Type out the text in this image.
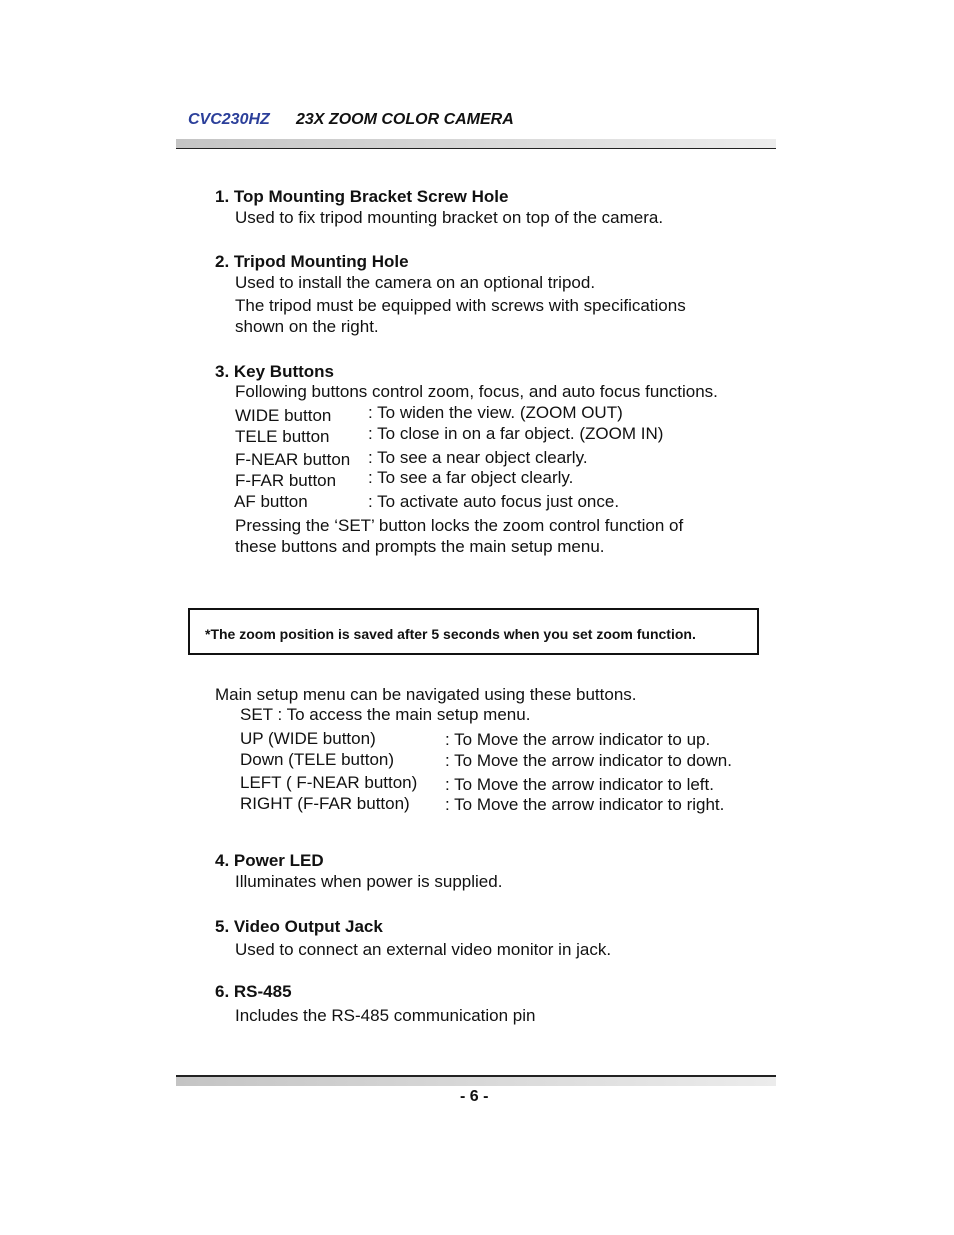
CVC230HZ 23X ZOOM COLOR CAMERA
1. Top Mounting Bracket Screw Hole
Used to fix tripod mounting bracket on top of the camera.
2. Tripod Mounting Hole
Used to install the camera on an optional tripod.
The tripod must be equipped with screws with specifications
shown on the right.
3. Key Buttons
Following buttons control zoom, focus, and auto focus functions.
WIDE button : To widen the view. (ZOOM OUT)
TELE button : To close in on a far object. (ZOOM IN)
F-NEAR button : To see a near object clearly.
F-FAR button : To see a far object clearly.
AF button	: To activate auto focus just once.
Pressing the ‘SET’ button locks the zoom control function of
these buttons and prompts the main setup menu.
*The zoom position is saved after 5 seconds when you set zoom function.
Main setup menu can be navigated using these buttons.
SET : To access the main setup menu.
UP (WIDE button)	: To Move the arrow indicator to up.
Down (TELE button)	: To Move the arrow indicator to down.
LEFT ( F-NEAR button) : To Move the arrow indicator to left.
RIGHT (F-FAR button) : To Move the arrow indicator to right.
4. Power LED
Illuminates when power is supplied.
5. Video Output Jack
Used to connect an external video monitor in jack.
6. RS-485
Includes the RS-485 communication pin
- 6 -
